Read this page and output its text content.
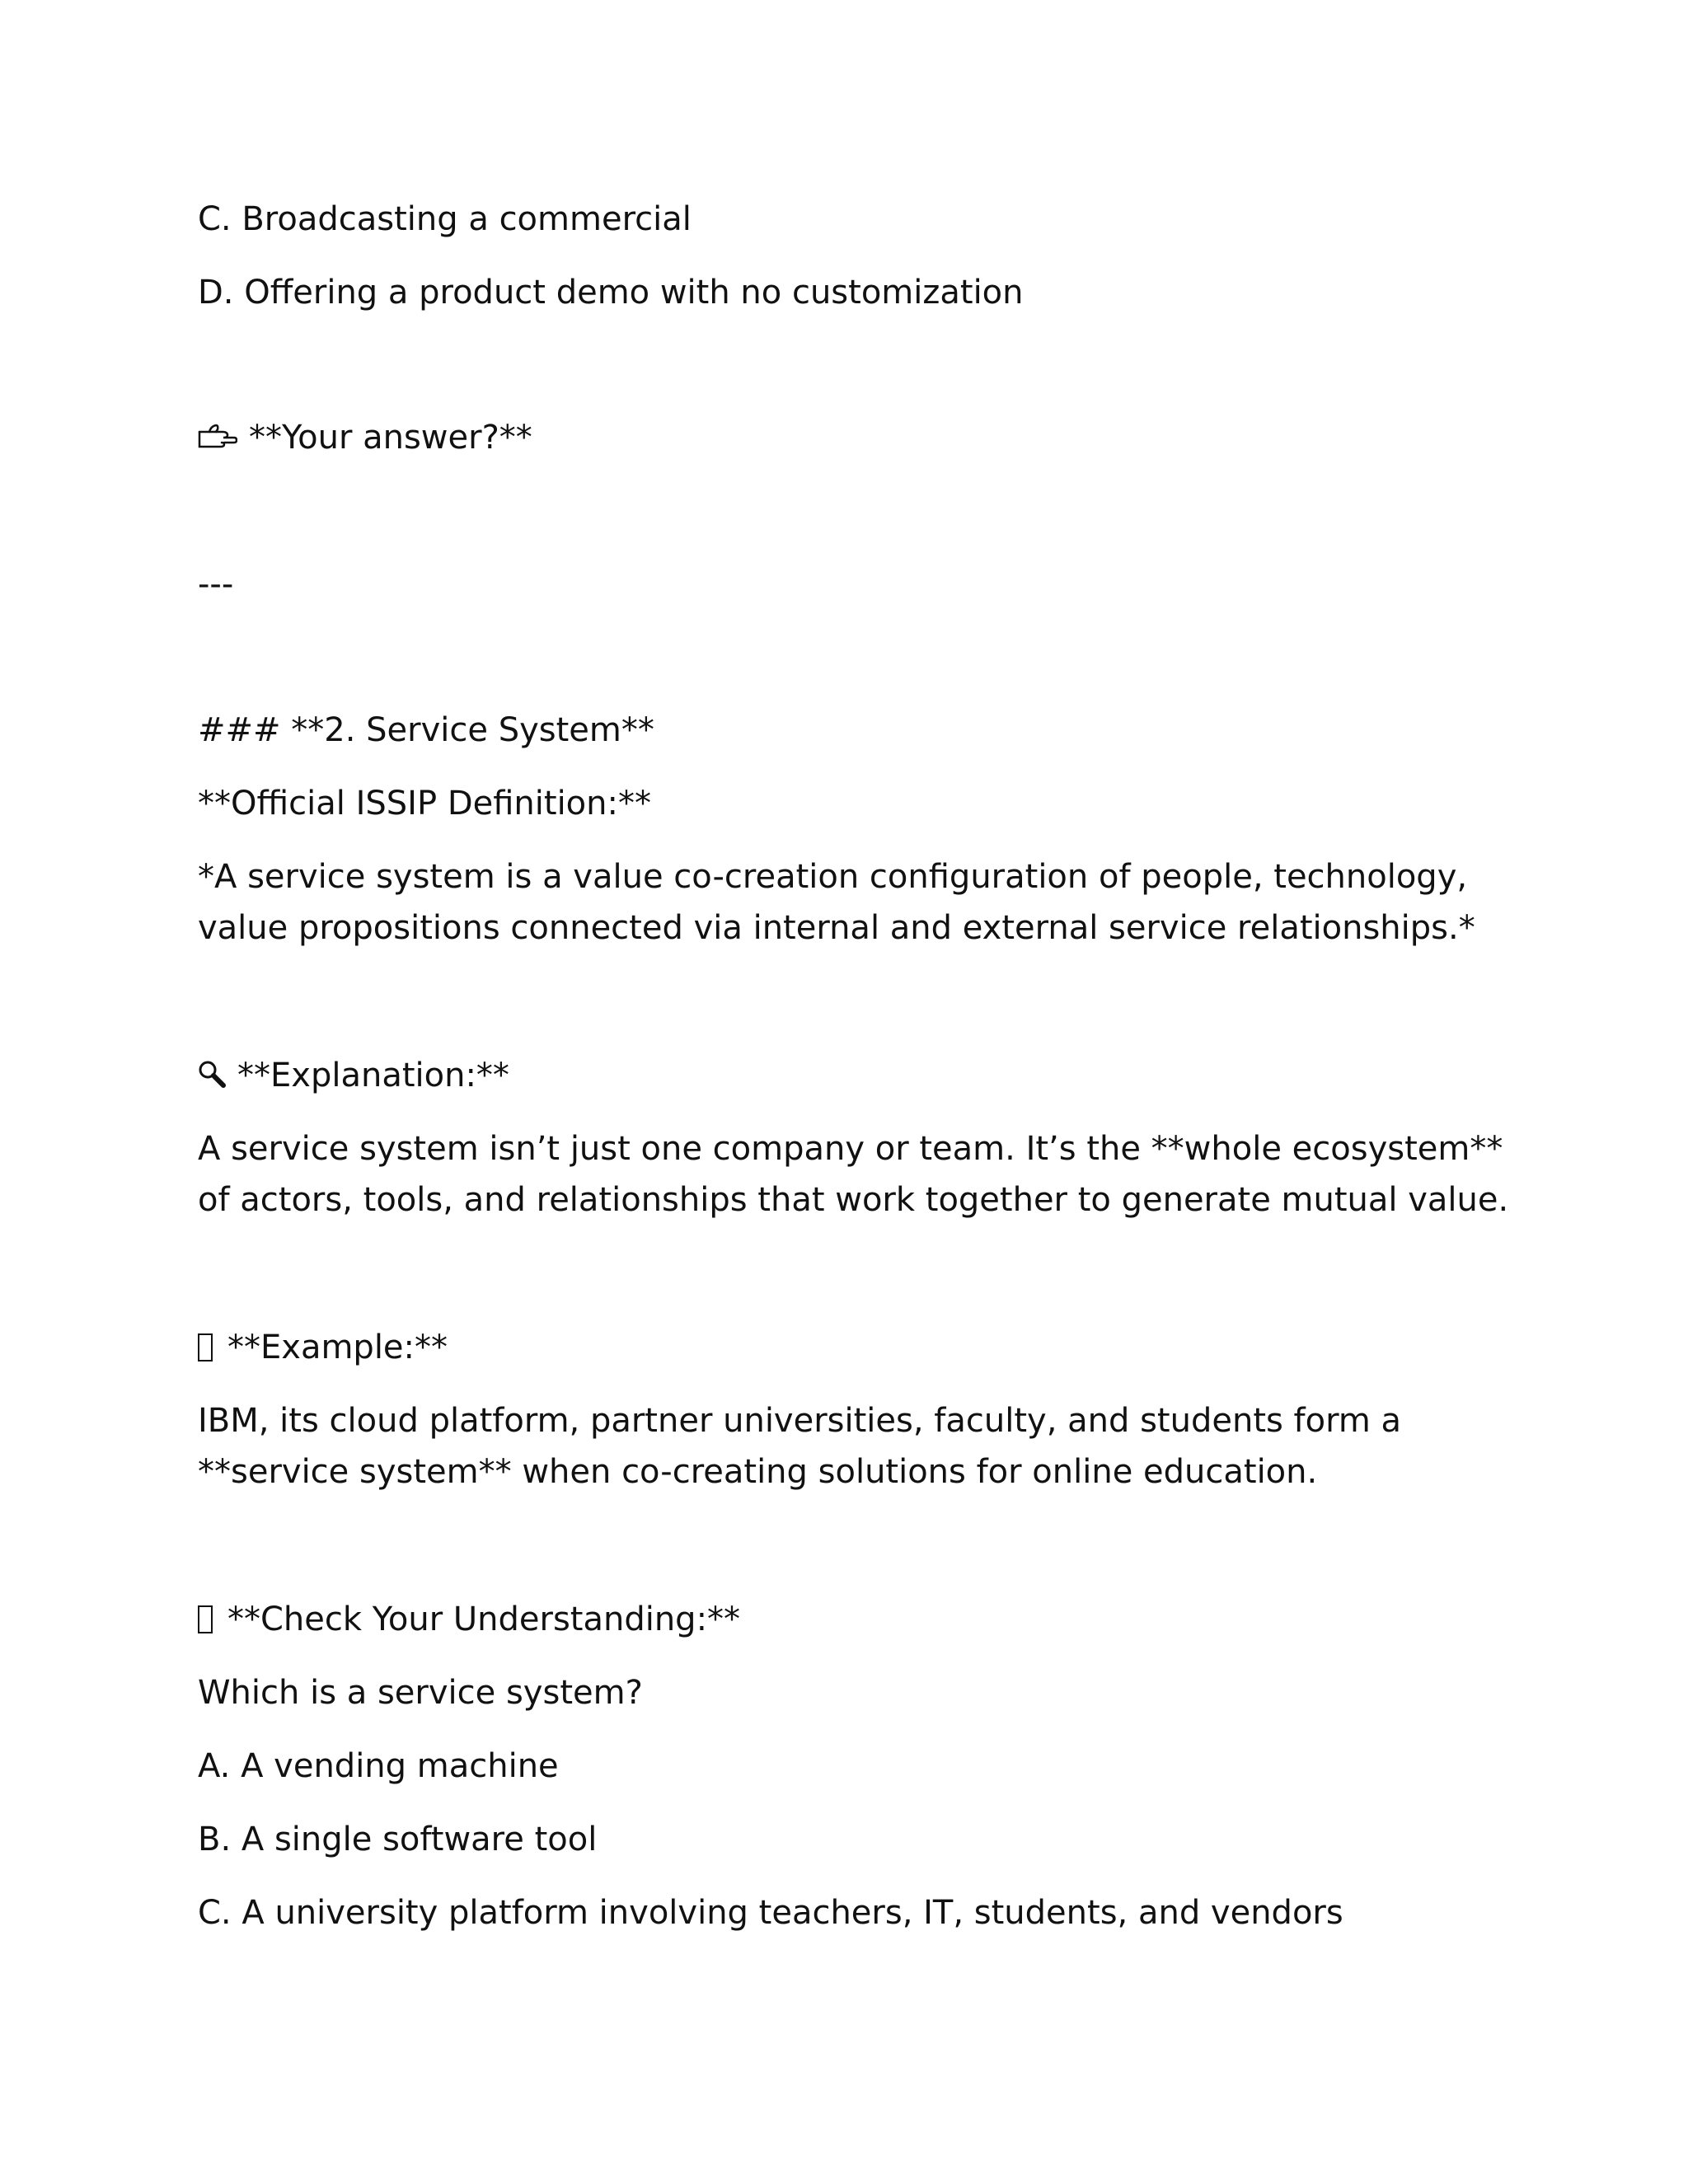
C. Broadcasting a commercial
D. Offering a product demo with no customization
**Your answer?**
---
### **2. Service System**
**Official ISSIP Definition:**
*A service system is a value co-creation configuration of people, technology, value propositions connected via internal and external service relationships.*
**Explanation:**
A service system isn’t just one company or team. It’s the **whole ecosystem** of actors, tools, and relationships that work together to generate mutual value.
**Example:**
IBM, its cloud platform, partner universities, faculty, and students form a **service system** when co-creating solutions for online education.
**Check Your Understanding:**
Which is a service system?
A. A vending machine
B. A single software tool
C. A university platform involving teachers, IT, students, and vendors
